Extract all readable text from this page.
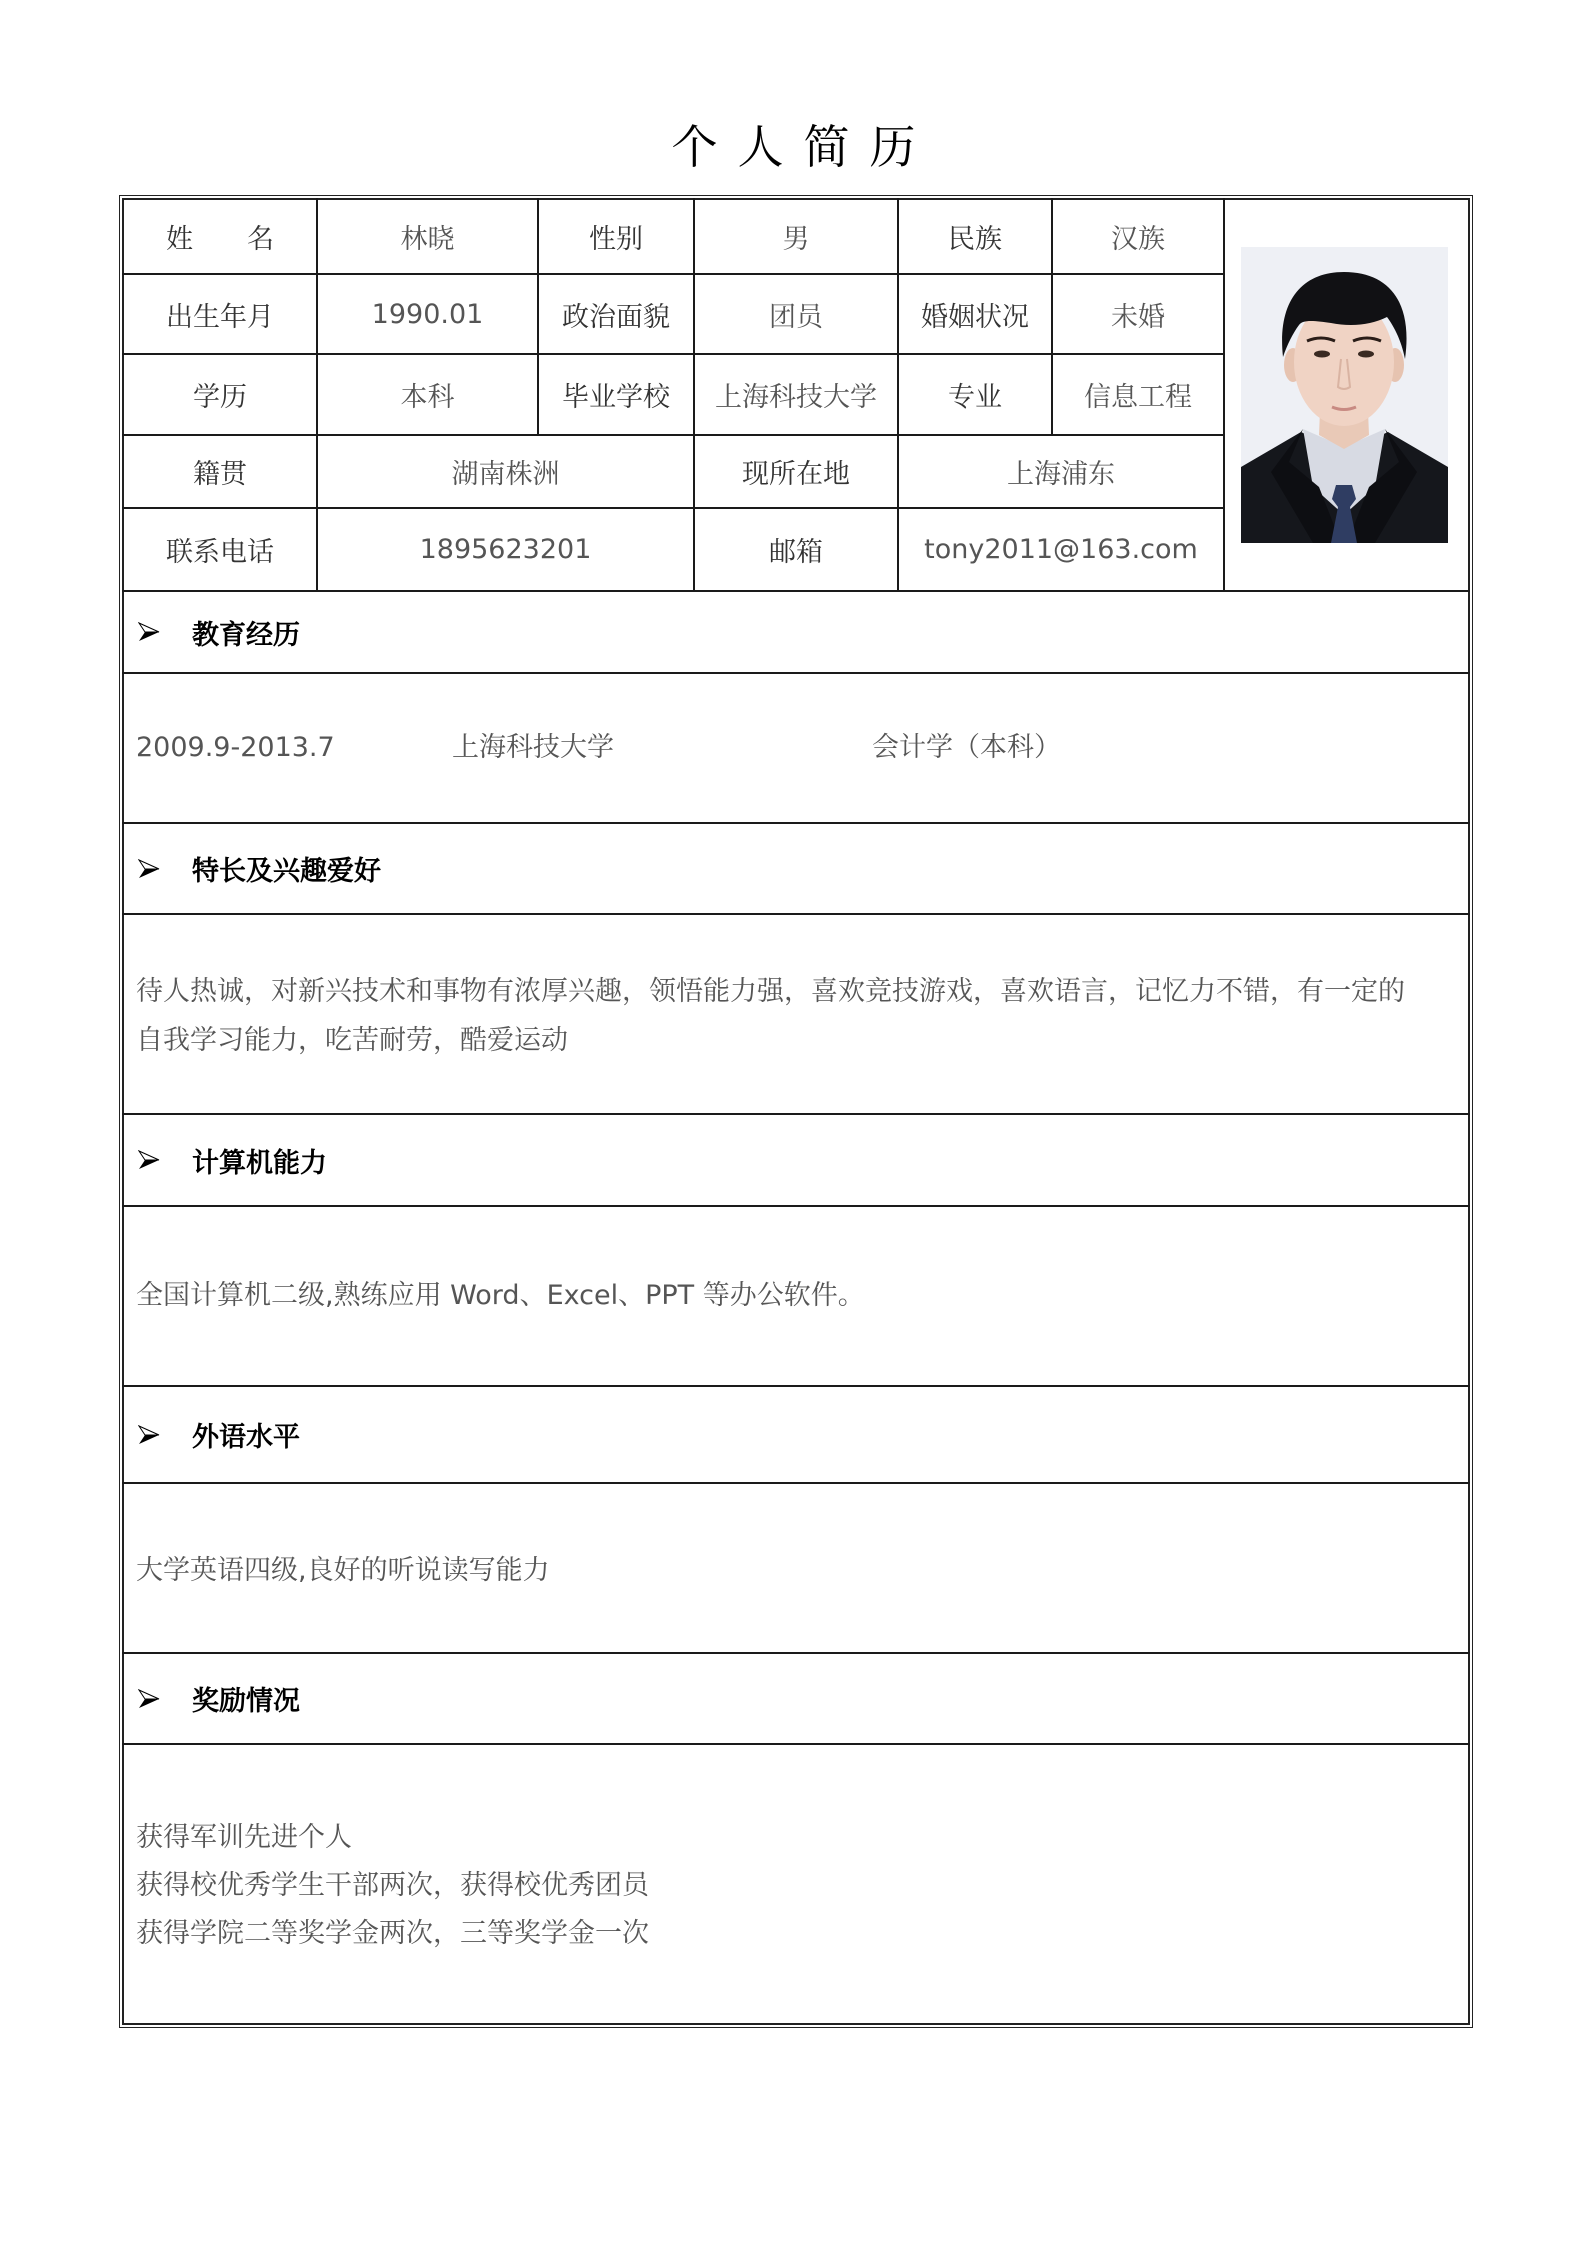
个人简历
姓　　名	林晓	性别	男	民族	汉族
出生年月	1990.01	政治面貌	团员	婚姻状况	未婚
学历	本科	毕业学校	上海科技大学	专业	信息工程
籍贯	湖南株洲	现所在地	上海浦东
联系电话	1895623201	邮箱	tony2011@163.com
教育经历
2009.9-2013.7	上海科技大学	会计学（本科）
特长及兴趣爱好
待人热诚，对新兴技术和事物有浓厚兴趣，领悟能力强，喜欢竞技游戏，喜欢语言，记忆力不错，有一定的
自我学习能力，吃苦耐劳，酷爱运动
计算机能力
全国计算机二级,熟练应用 Word、Excel、PPT 等办公软件。
外语水平
大学英语四级,良好的听说读写能力
奖励情况
获得军训先进个人
获得校优秀学生干部两次，获得校优秀团员
获得学院二等奖学金两次，三等奖学金一次
